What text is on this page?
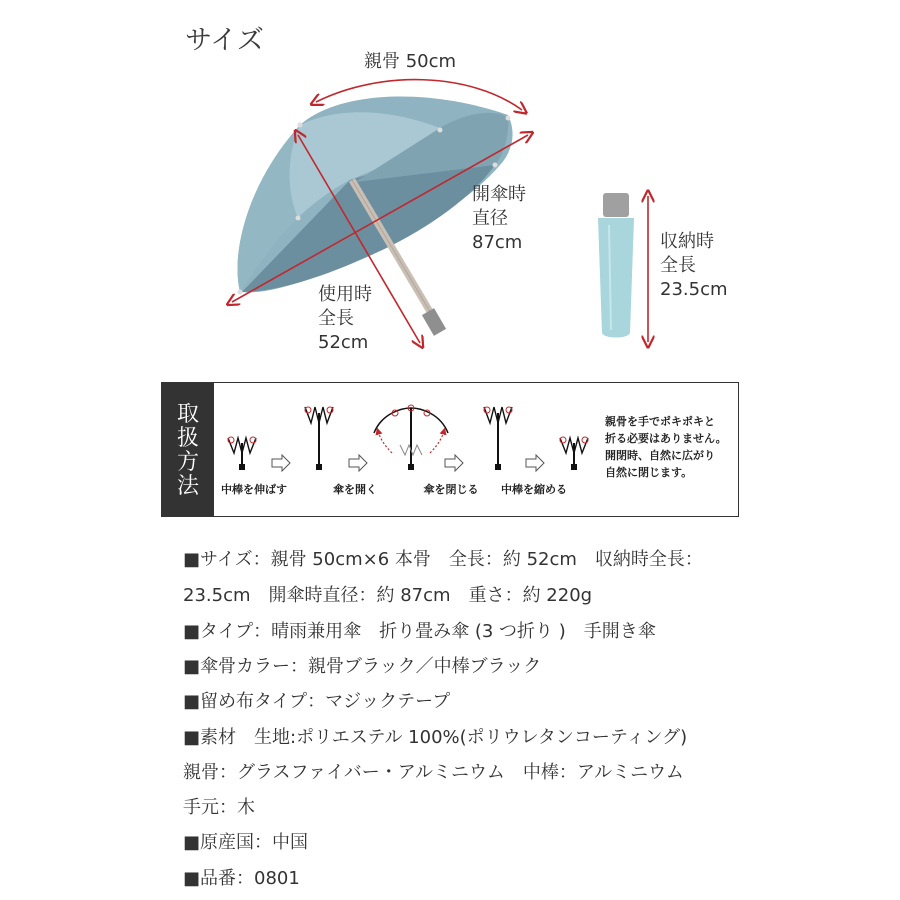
サイズ
親骨 50cm
開傘時
直径
87cm
使用時
全長
52cm
収納時
全長
23.5cm
取
扱
方
法	中棒を伸ばす	傘を開く	傘を閉じる 中棒を縮める
親骨を手でポキポキと
折る必要はありません。
開閉時、自然に広がり
自然に閉じます。
■サイズ：親骨 50cm×6 本骨　全長：約 52cm　収納時全長：
23.5cm　開傘時直径：約 87cm　重さ：約 220g
■タイプ：晴雨兼用傘　折り畳み傘 (3 つ折り )　手開き傘
■傘骨カラー：親骨ブラック／中棒ブラック
■留め布タイプ：マジックテープ
■素材　生地:ポリエステル 100%(ポリウレタンコーティング)
親骨：グラスファイバー・アルミニウム　中棒：アルミニウム
手元：木
■原産国：中国
■品番：0801
